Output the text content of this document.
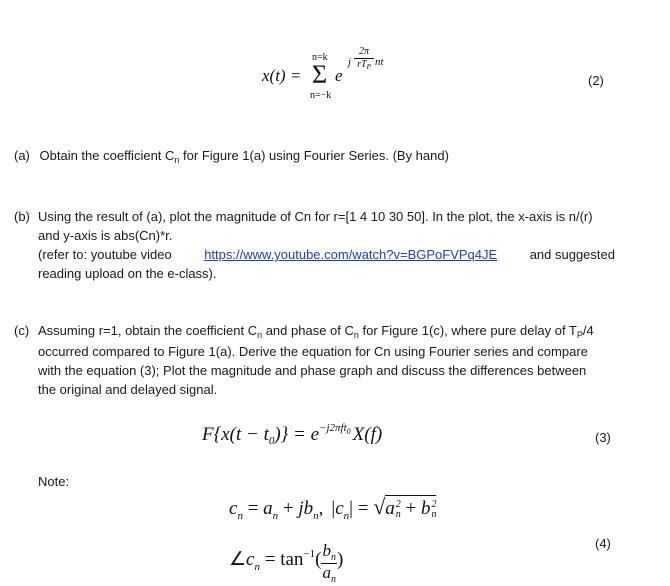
x(t) =
n=k
Σ
n=−k
e
j
2π
$rT_P$ nt
(2)
(a) Obtain the coefficient $C_n$ for Figure 1(a) using Fourier Series. (By hand)
(b) Using the result of (a), plot the magnitude of Cn for r=[1 4 10 30 50]. In the plot, the x-axis is n/(r)
and y-axis is abs(Cn)*r.
(refer to: youtube video https://www.youtube.com/watch?v=BGPoFVPq4JE and suggested
reading upload on the e-class).
(c) Assuming r=1, obtain the coefficient $C_n$ and phase of $C_n$ for Figure 1(c), where pure delay of $T_P/4$
occurred compared to Figure 1(a). Derive the equation for Cn using Fourier series and compare
with the equation (3); Plot the magnitude and phase graph and discuss the differences between
the original and delayed signal.
$F\{x(t - t_0)\} = e^{-j2\pi ft_0}$ X(f)	(3)
Note:
$c_n = a_n + jb_n$, $|c_n| = √a$ 2
n + b 2
n
$\angle c_n = \tan^{-1}( \frac{b_n}{a_n}$ )
(4)
